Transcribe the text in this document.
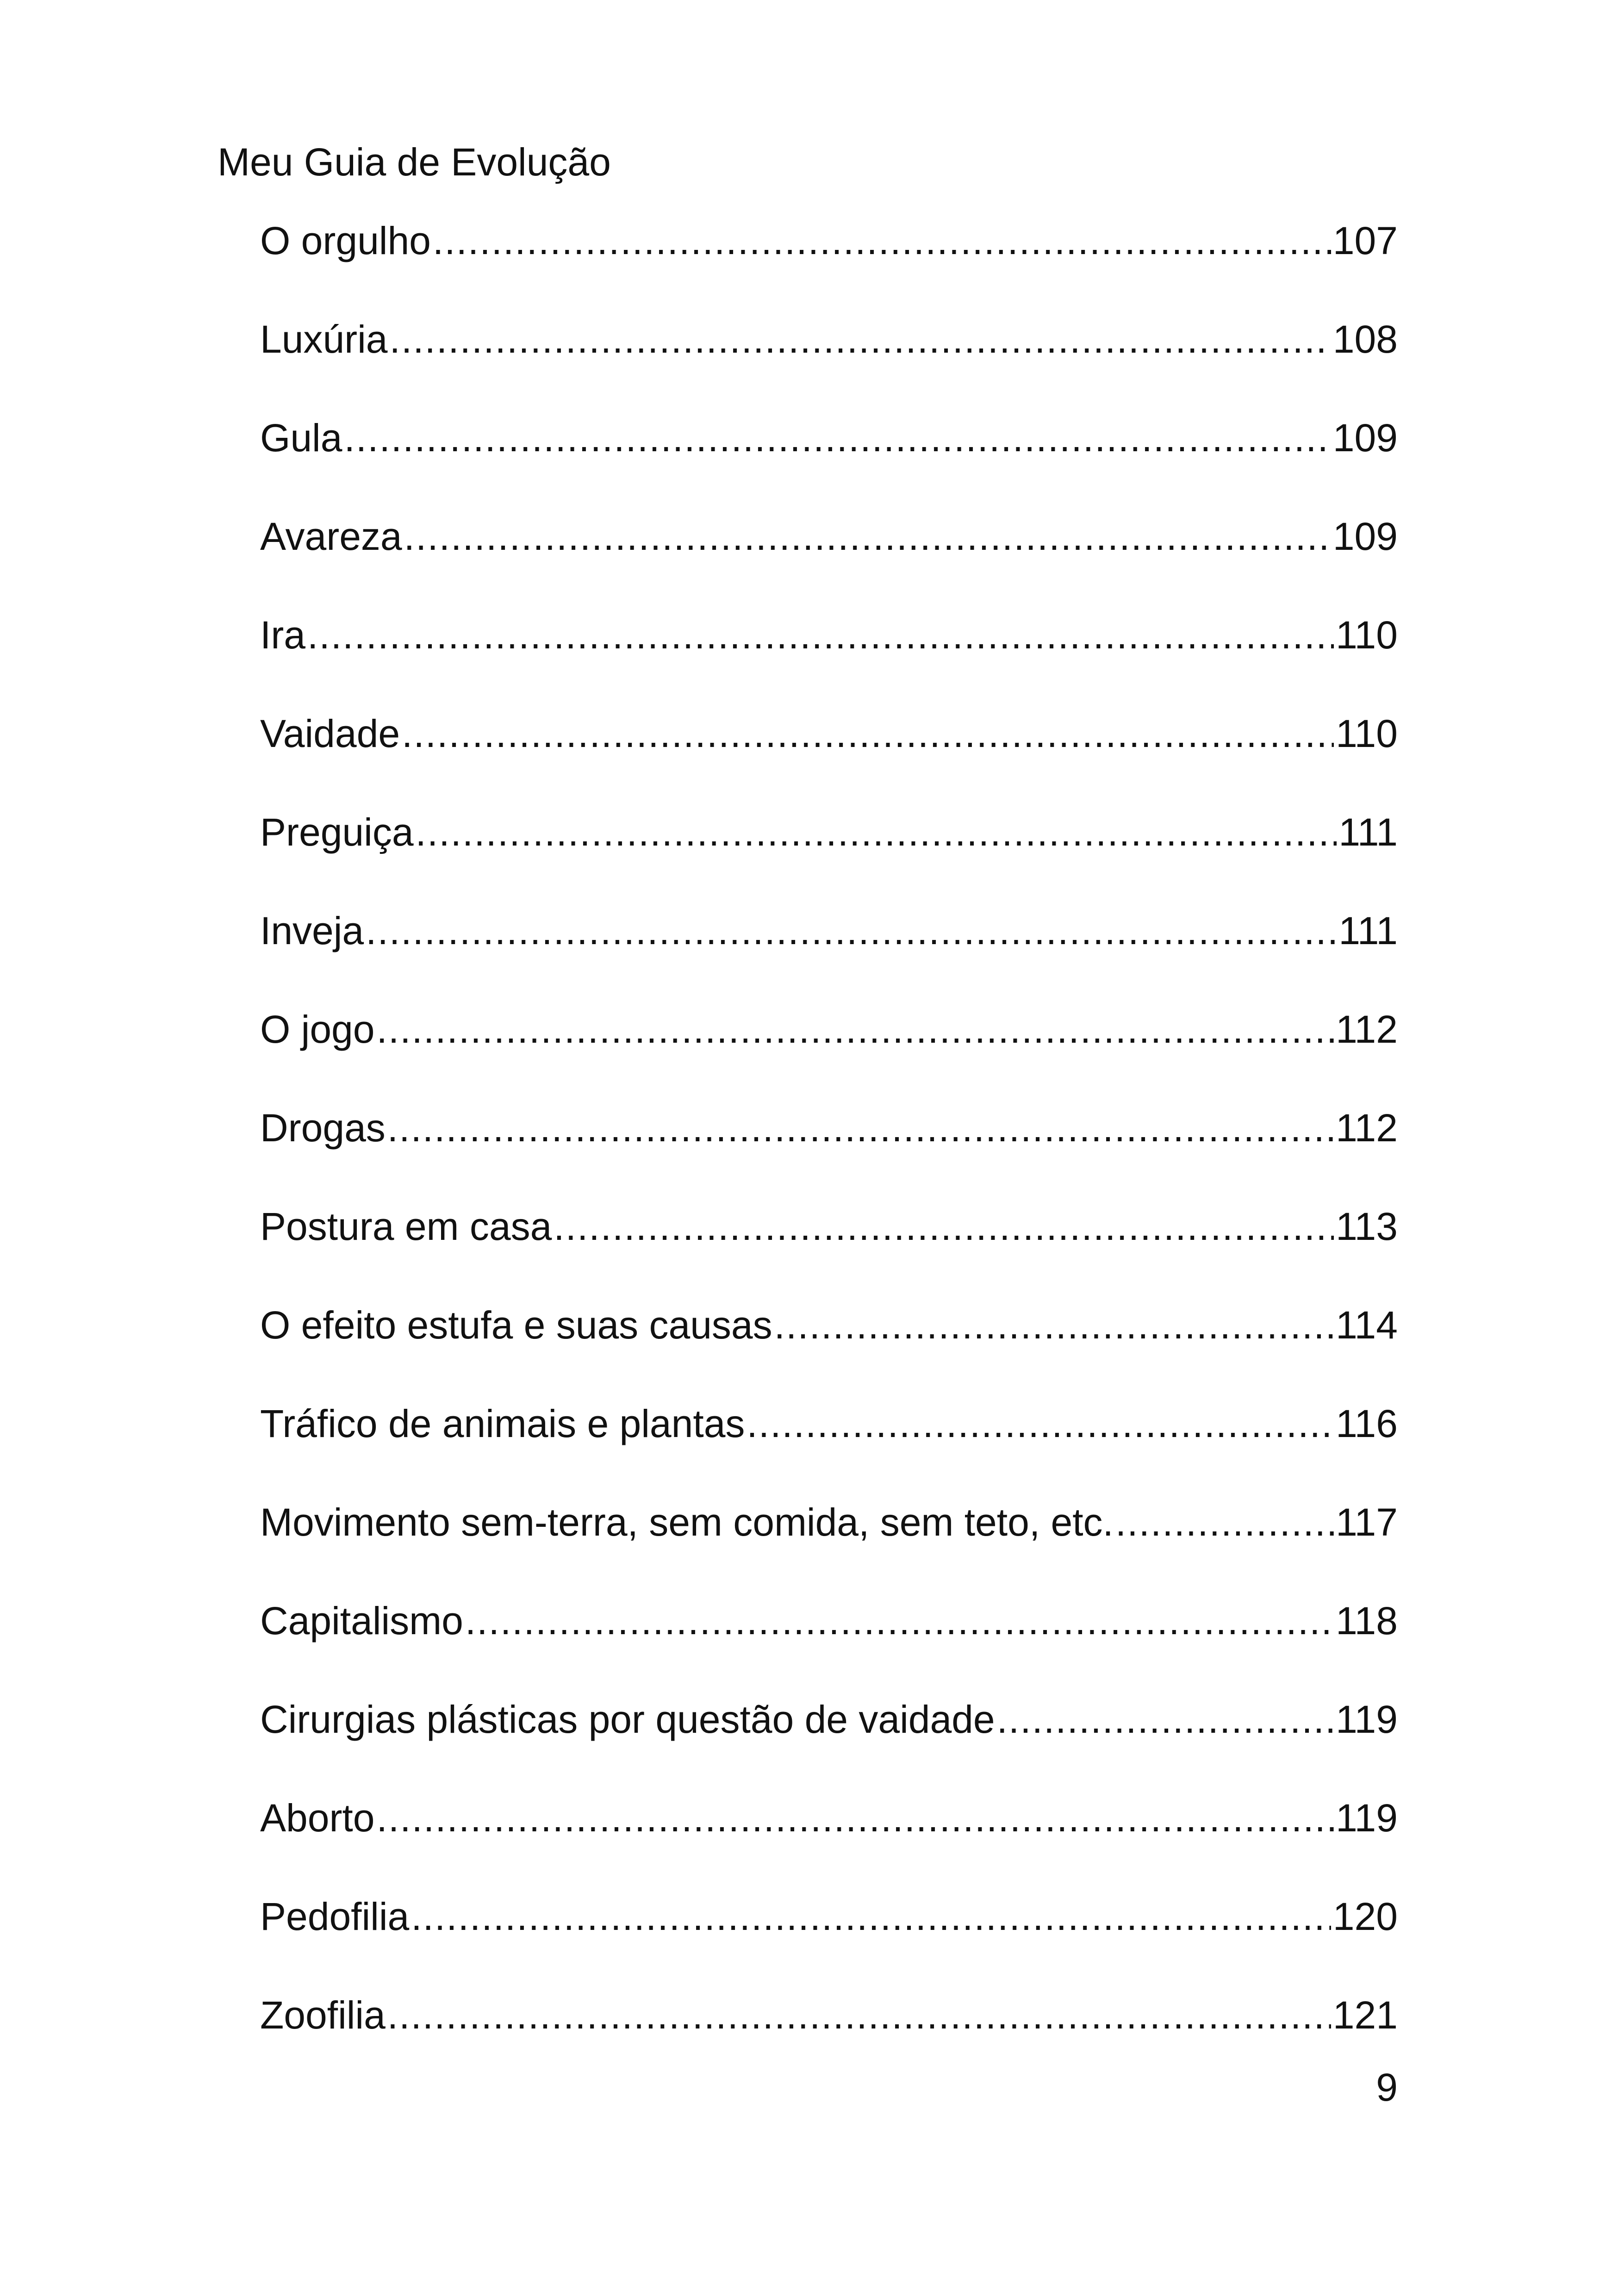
Meu Guia de Evolução
O orgulho .....	107
Luxúria .....	108
Gula .....	109
Avareza .....	109
Ira .....	110
Vaidade .....	110
Preguiça .....	111
Inveja .....	111
O jogo .....	112
Drogas .....	112
Postura em casa .....	113
O efeito estufa e suas causas .....	114
Tráfico de animais e plantas .....	116
Movimento sem-terra, sem comida, sem teto, etc. .....	117
Capitalismo .....	118
Cirurgias plásticas por questão de vaidade .....	119
Aborto .....	119
Pedofilia .....	120
Zoofilia .....	121
9
